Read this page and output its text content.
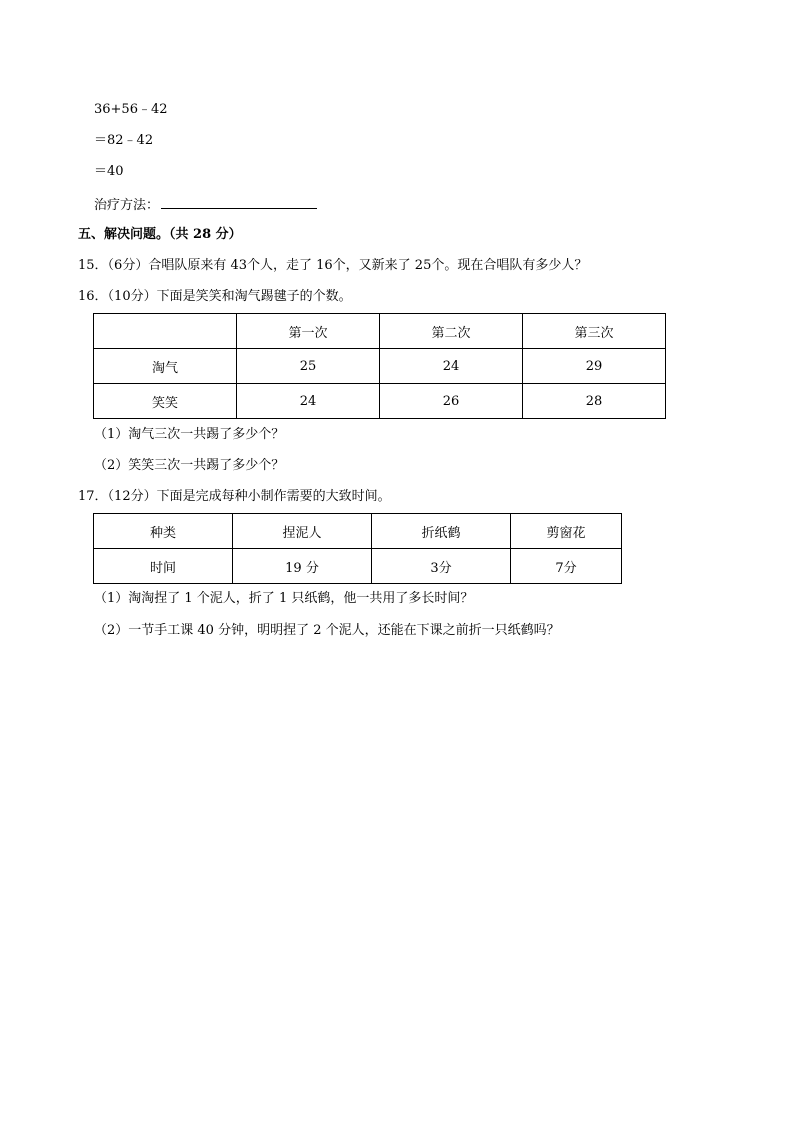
36+56﹣42
＝82﹣42
＝40
治疗方法：
五、解决问题。（共 28 分）
15．（6分）合唱队原来有 43个人，走了 16个，又新来了 25个。现在合唱队有多少人？
16．（10分）下面是笑笑和淘气踢毽子的个数。
	第一次	第二次	第三次
淘气	25	24	29
笑笑	24	26	28
（1）淘气三次一共踢了多少个？
（2）笑笑三次一共踢了多少个？
17．（12分）下面是完成每种小制作需要的大致时间。
种类	捏泥人	折纸鹤	剪窗花
时间	19 分	3分	7分
（1）淘淘捏了 1 个泥人，折了 1 只纸鹤，他一共用了多长时间？
（2）一节手工课 40 分钟，明明捏了 2 个泥人，还能在下课之前折一只纸鹤吗？
